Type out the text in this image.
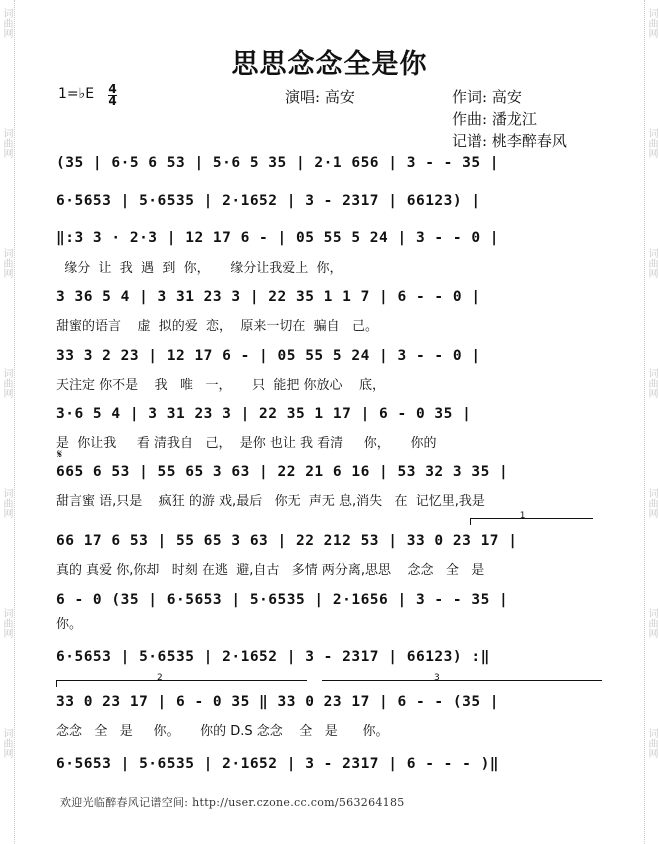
词曲网
词曲网
词曲网
词曲网
词曲网
词曲网
词曲网
词曲网
词曲网
词曲网
词曲网
词曲网
词曲网
词曲网
思思念念全是你
1=♭E 4
4	演唱: 高安	作词: 高安
作曲: 潘龙江
记谱: 桃李醉春风
(35 | 6·5 6 53 | 5·6 5 35 | 2·1 656 | 3 - - 35 |
6·5653 | 5·6535 | 2·1652 | 3 - 2317 | 66123) |
‖:3 3 · 2·3 | 12 17 6 - | 05 55 5 24 | 3 - - 0 |
缘分  让  我  遇  到  你，     缘分让我爱上  你，
3 36 5 4 | 3 31 23 3 | 22 35 1 1 7 | 6 - - 0 |
甜蜜的语言    虚  拟的爱  恋，  原来一切在  骗自   己。
33 3 2 23 | 12 17 6 - | 05 55 5 24 | 3 - - 0 |
天注定 你不是    我   唯   一，     只  能把 你放心    底，
3·6 5 4 | 3 31 23 3 | 22 35 1 17 | 6 - 0 35 |
是  你让我     看 清我自   己，  是你 也让 我 看清     你，     你的
𝄋
665 6 53 | 55 65 3 63 | 22 21 6 16 | 53 32 3 35 |
甜言蜜 语,只是    疯狂 的游 戏,最后   你无  声无 息,消失   在  记忆里,我是
1
66 17 6 53 | 55 65 3 63 | 22 212 53 | 33 0 23 17 |
真的 真爱 你,你却   时刻 在逃  避,自古   多情 两分离,思思    念念   全   是
6 - 0 (35 | 6·5653 | 5·6535 | 2·1656 | 3 - - 35 |
你。
6·5653 | 5·6535 | 2·1652 | 3 - 2317 | 66123) :‖
2	3
33 0 23 17 | 6 - 0 35 ‖ 33 0 23 17 | 6 - - (35 |
念念   全   是     你。     你的 D.S 念念    全   是      你。
6·5653 | 5·6535 | 2·1652 | 3 - 2317 | 6 - - - )‖
欢迎光临醉春风记谱空间: http://user.czone.cc.com/563264185
